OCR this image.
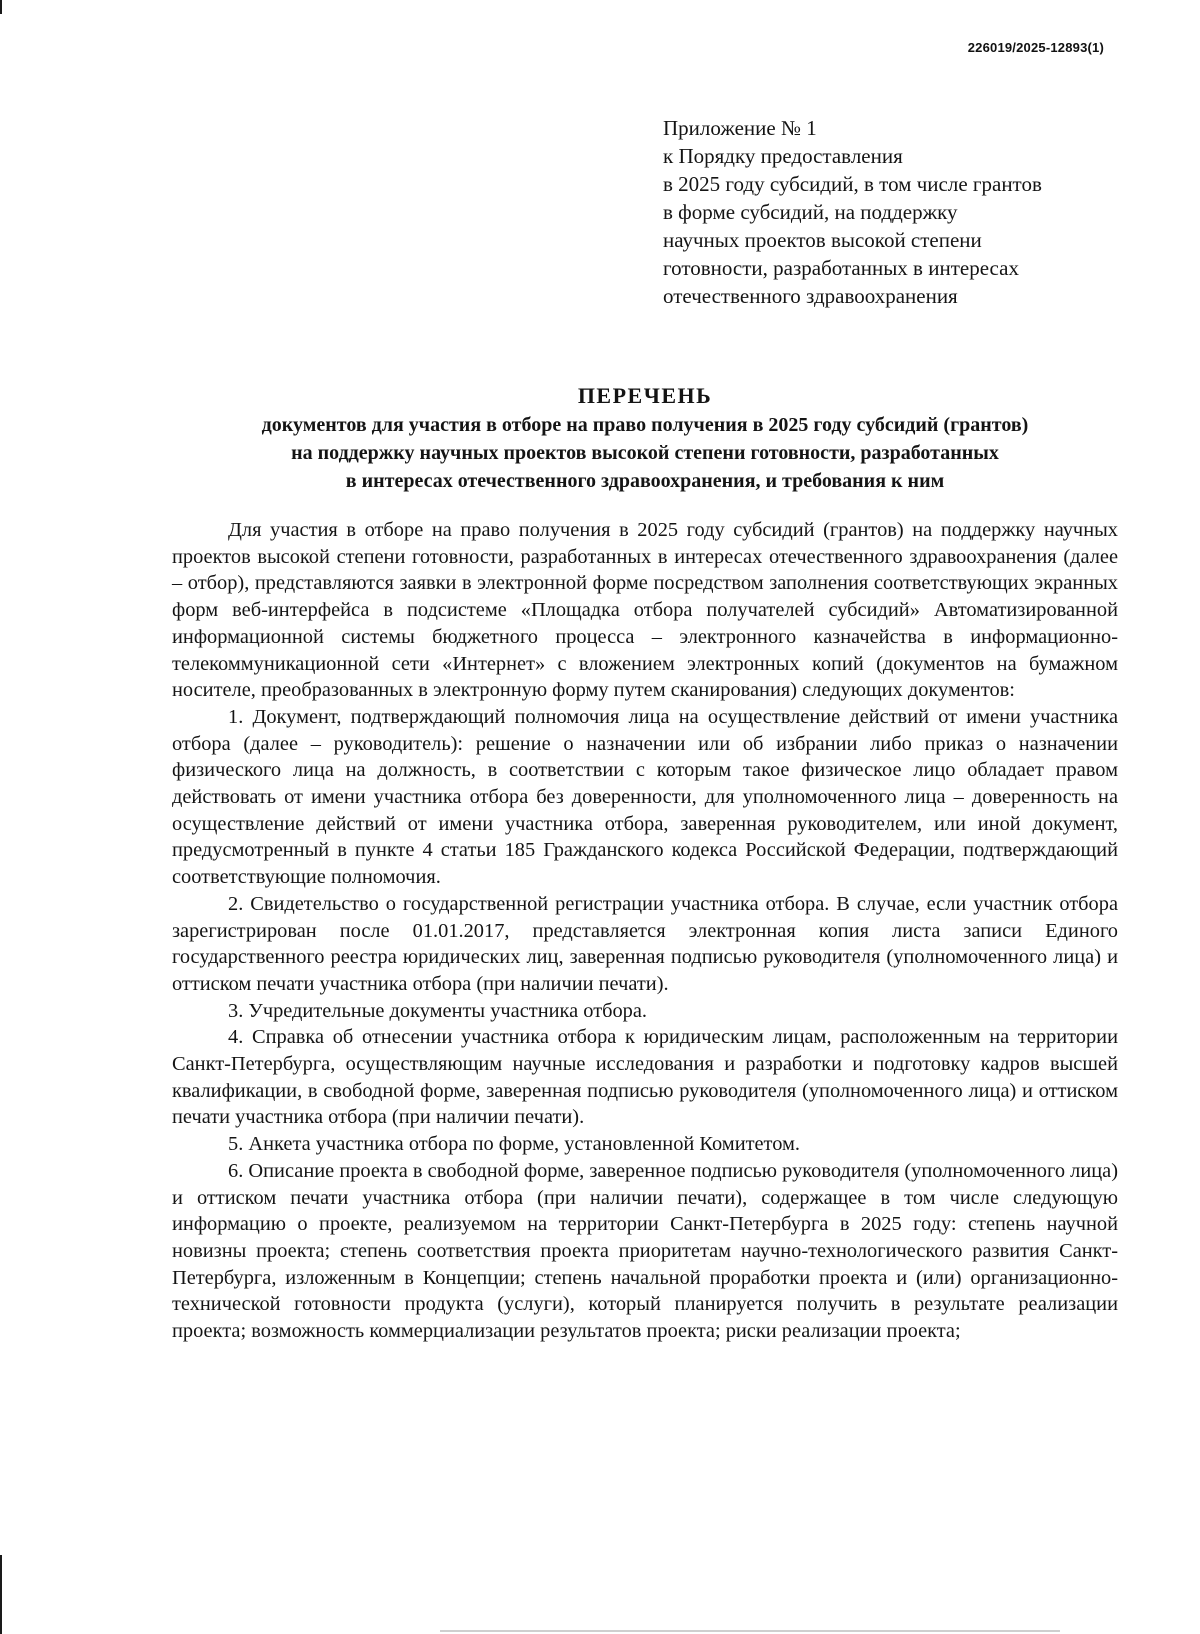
226019/2025-12893(1)
Приложение № 1
к Порядку предоставления
в 2025 году субсидий, в том числе грантов
в форме субсидий, на поддержку
научных проектов высокой степени
готовности, разработанных в интересах
отечественного здравоохранения
ПЕРЕЧЕНЬ
документов для участия в отборе на право получения в 2025 году субсидий (грантов)
на поддержку научных проектов высокой степени готовности, разработанных
в интересах отечественного здравоохранения, и требования к ним

Для участия в отборе на право получения в 2025 году субсидий (грантов) на поддержку научных проектов высокой степени готовности, разработанных в интересах отечественного здравоохранения (далее – отбор), представляются заявки в электронной форме посредством заполнения соответствующих экранных форм веб-интерфейса в подсистеме «Площадка отбора получателей субсидий» Автоматизированной информационной системы бюджетного процесса – электронного казначейства в информационно-телекоммуникационной сети «Интернет» с вложением электронных копий (документов на бумажном носителе, преобразованных в электронную форму путем сканирования) следующих документов:

1. Документ, подтверждающий полномочия лица на осуществление действий от имени участника отбора (далее – руководитель): решение о назначении или об избрании либо приказ о назначении физического лица на должность, в соответствии с которым такое физическое лицо обладает правом действовать от имени участника отбора без доверенности, для уполномоченного лица – доверенность на осуществление действий от имени участника отбора, заверенная руководителем, или иной документ, предусмотренный в пункте 4 статьи 185 Гражданского кодекса Российской Федерации, подтверждающий соответствующие полномочия.

2. Свидетельство о государственной регистрации участника отбора. В случае, если участник отбора зарегистрирован после 01.01.2017, представляется электронная копия листа записи Единого государственного реестра юридических лиц, заверенная подписью руководителя (уполномоченного лица) и оттиском печати участника отбора (при наличии печати).

3. Учредительные документы участника отбора.

4. Справка об отнесении участника отбора к юридическим лицам, расположенным на территории Санкт-Петербурга, осуществляющим научные исследования и разработки и подготовку кадров высшей квалификации, в свободной форме, заверенная подписью руководителя (уполномоченного лица) и оттиском печати участника отбора (при наличии печати).

5. Анкета участника отбора по форме, установленной Комитетом.

6. Описание проекта в свободной форме, заверенное подписью руководителя (уполномоченного лица) и оттиском печати участника отбора (при наличии печати), содержащее в том числе следующую информацию о проекте, реализуемом на территории Санкт-Петербурга в 2025 году: степень научной новизны проекта; степень соответствия проекта приоритетам научно-технологического развития Санкт-Петербурга, изложенным в Концепции; степень начальной проработки проекта и (или) организационно-технической готовности продукта (услуги), который планируется получить в результате реализации проекта; возможность коммерциализации результатов проекта; риски реализации проекта;
